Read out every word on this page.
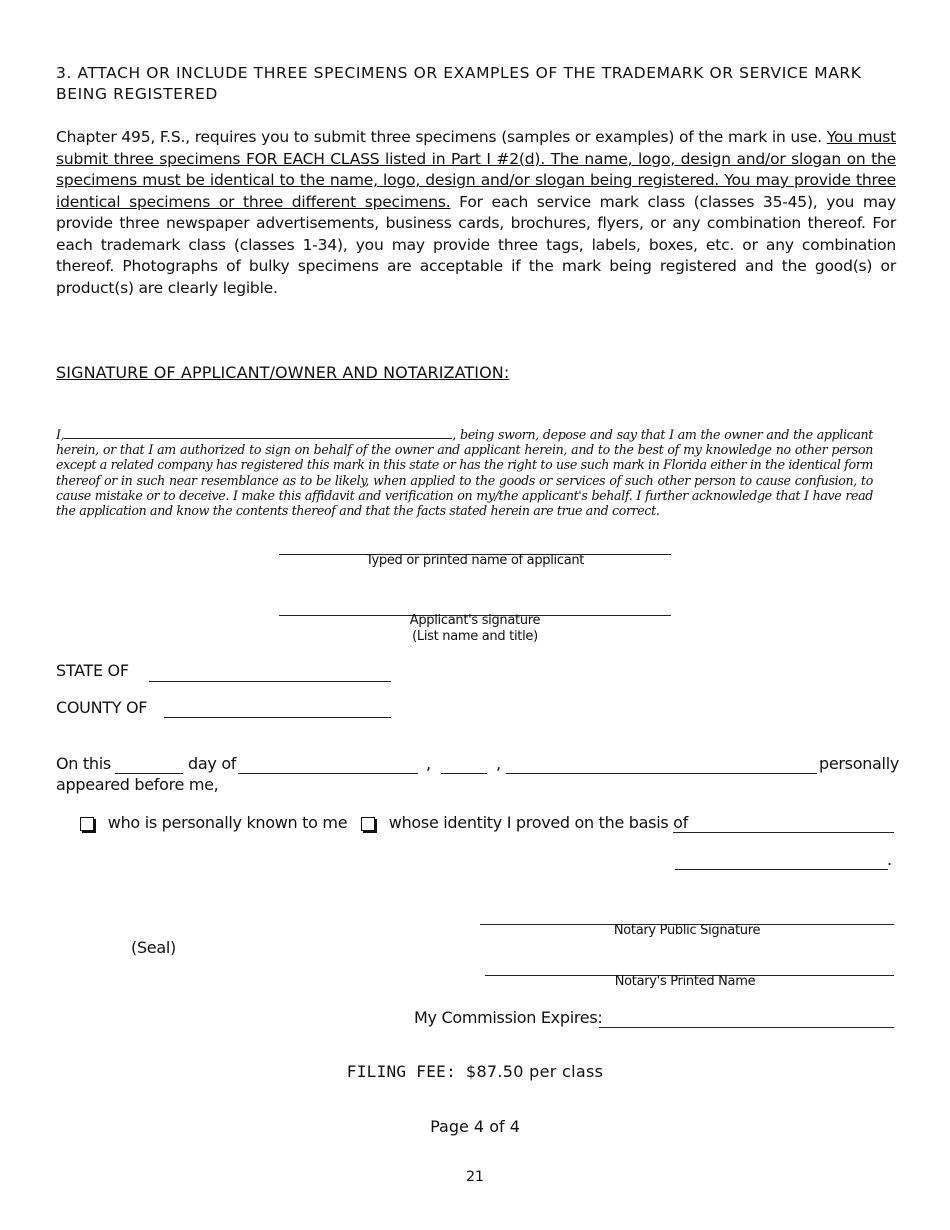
3. ATTACH OR INCLUDE THREE SPECIMENS OR EXAMPLES OF THE TRADEMARK OR SERVICE MARK BEING REGISTERED
Chapter 495, F.S., requires you to submit three specimens (samples or examples) of the mark in use. You must submit three specimens FOR EACH CLASS listed in Part I #2(d). The name, logo, design and/or slogan on the specimens must be identical to the name, logo, design and/or slogan being registered. You may provide three identical specimens or three different specimens. For each service mark class (classes 35-45), you may provide three newspaper advertisements, business cards, brochures, flyers, or any combination thereof. For each trademark class (classes 1-34), you may provide three tags, labels, boxes, etc. or any combination thereof. Photographs of bulky specimens are acceptable if the mark being registered and the good(s) or product(s) are clearly legible.
SIGNATURE OF APPLICANT/OWNER AND NOTARIZATION:
I,	, being sworn, depose and say that I am the owner and the applicant herein, or that I am authorized to sign on behalf of the owner and applicant herein, and to the best of my knowledge no other person except a related company has registered this mark in this state or has the right to use such mark in Florida either in the identical form thereof or in such near resemblance as to be likely, when applied to the goods or services of such other person to cause confusion, to cause mistake or to deceive. I make this affidavit and verification on my/the applicant's behalf. I further acknowledge that I have read the application and know the contents thereof and that the facts stated herein are true and correct.
Typed or printed name of applicant
Applicant's signature
(List name and title)
STATE OF
COUNTY OF
On this	day of	,	,	personally
appeared before me,
who is personally known to me	whose identity I proved on the basis of
.
(Seal)
Notary Public Signature
Notary's Printed Name
My Commission Expires:
FILING FEE: $87.50 per class
Page 4 of 4
21
